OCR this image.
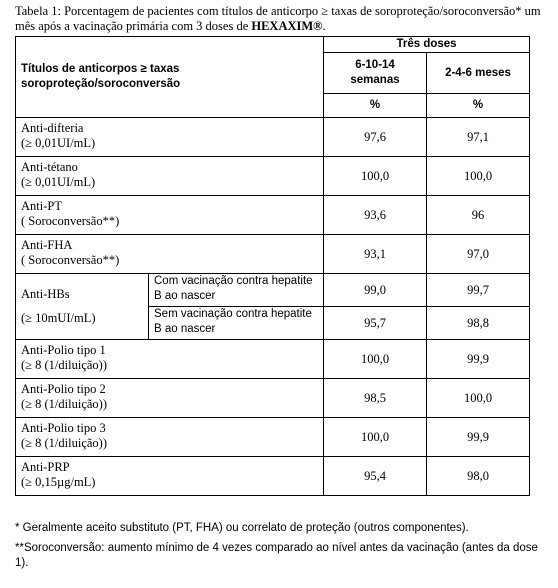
Tabela 1: Porcentagem de pacientes com títulos de anticorpo ≥ taxas de soroproteção/soroconversão* um mês após a vacinação primária com 3 doses de HEXAXIM®.
Títulos de anticorpos ≥ taxas soroproteção/soroconversão		Três doses	
		6-10-14 semanas	2-4-6 meses
		%	%

Anti-difteria
(≥ 0,01UI/mL)		97,6	97,1

Anti-tétano
(≥ 0,01UI/mL)		100,0	100,0

Anti-PT
( Soroconversão**)		93,6	96

Anti-FHA
( Soroconversão**)		93,1	97,0

Anti-HBs
(≥ 10mUI/mL)	Com vacinação contra hepatite B ao nascer	99,0	99,7
	Sem vacinação contra hepatite B ao nascer	95,7	98,8

Anti-Polio tipo 1
(≥ 8 (1/diluição))		100,0	99,9

Anti-Polio tipo 2
(≥ 8 (1/diluição))		98,5	100,0

Anti-Polio tipo 3
(≥ 8 (1/diluição))		100,0	99,9

Anti-PRP
(≥ 0,15µg/mL)		95,4	98,0
* Geralmente aceito substituto (PT, FHA) ou correlato de proteção (outros componentes).
**Soroconversão: aumento mínimo de 4 vezes comparado ao nível antes da vacinação (antes da dose 1).
